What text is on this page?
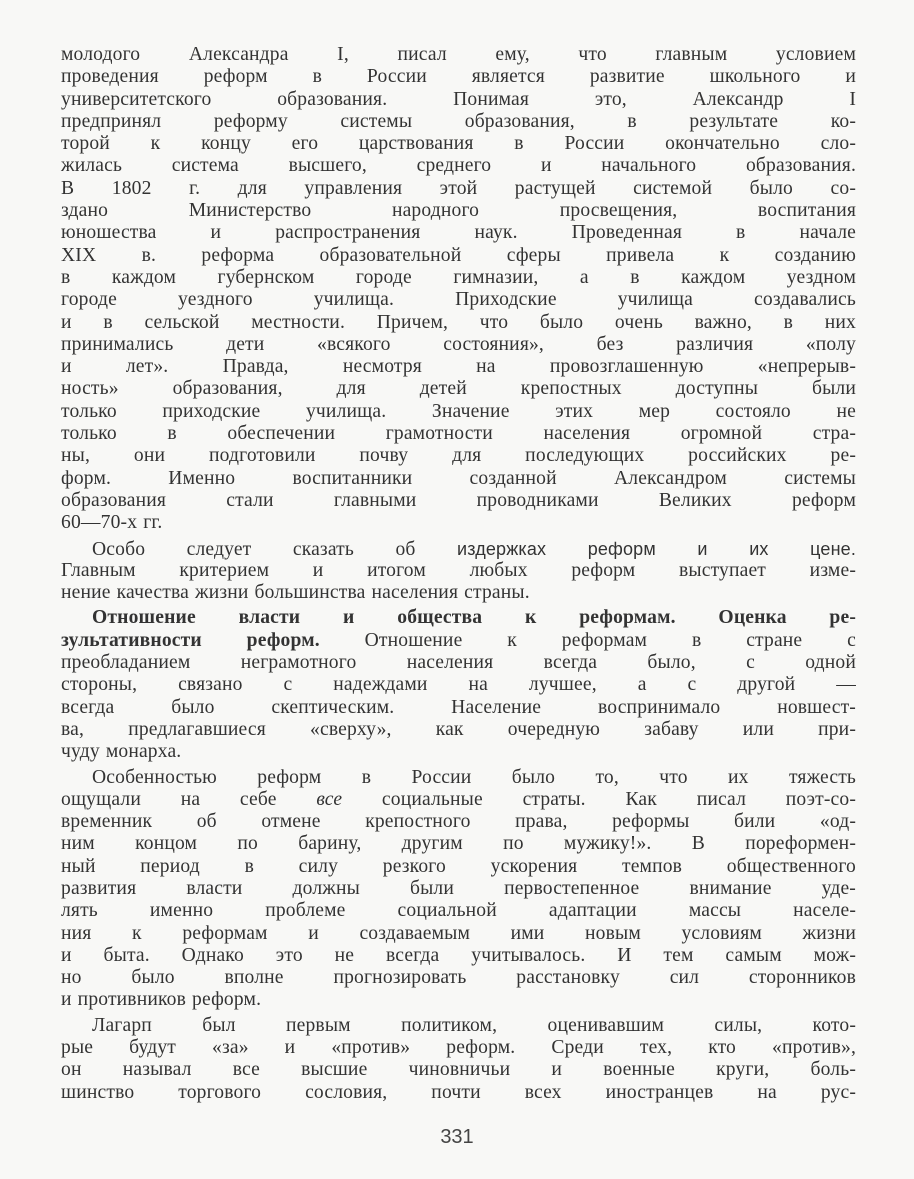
молодого Александра I, писал ему, что главным условием
проведения реформ в России является развитие школьного и
университетского образования. Понимая это, Александр I
предпринял реформу системы образования, в результате ко-
торой к концу его царствования в России окончательно сло-
жилась система высшего, среднего и начального образования.
В 1802 г. для управления этой растущей системой было со-
здано Министерство народного просвещения, воспитания
юношества и распространения наук. Проведенная в начале
XIX в. реформа образовательной сферы привела к созданию
в каждом губернском городе гимназии, а в каждом уездном
городе уездного училища. Приходские училища создавались
и в сельской местности. Причем, что было очень важно, в них
принимались дети «всякого состояния», без различия «полу
и лет». Правда, несмотря на провозглашенную «непрерыв-
ность» образования, для детей крепостных доступны были
только приходские училища. Значение этих мер состояло не
только в обеспечении грамотности населения огромной стра-
ны, они подготовили почву для последующих российских ре-
форм. Именно воспитанники созданной Александром системы
образования стали главными проводниками Великих реформ
60—70-х гг.
Особо следует сказать об издержках реформ и их цене.
Главным критерием и итогом любых реформ выступает изме-
нение качества жизни большинства населения страны.
Отношение власти и общества к реформам. Оценка ре-
зультативности реформ. Отношение к реформам в стране с
преобладанием неграмотного населения всегда было, с одной
стороны, связано с надеждами на лучшее, а с другой —
всегда было скептическим. Население воспринимало новшест-
ва, предлагавшиеся «сверху», как очередную забаву или при-
чуду монарха.
Особенностью реформ в России было то, что их тяжесть
ощущали на себе все социальные страты. Как писал поэт-со-
временник об отмене крепостного права, реформы били «од-
ним концом по барину, другим по мужику!». В пореформен-
ный период в силу резкого ускорения темпов общественного
развития власти должны были первостепенное внимание уде-
лять именно проблеме социальной адаптации массы населе-
ния к реформам и создаваемым ими новым условиям жизни
и быта. Однако это не всегда учитывалось. И тем самым мож-
но было вполне прогнозировать расстановку сил сторонников
и противников реформ.
Лагарп был первым политиком, оценивавшим силы, кото-
рые будут «за» и «против» реформ. Среди тех, кто «против»,
он называл все высшие чиновничьи и военные круги, боль-
шинство торгового сословия, почти всех иностранцев на рус-
331
